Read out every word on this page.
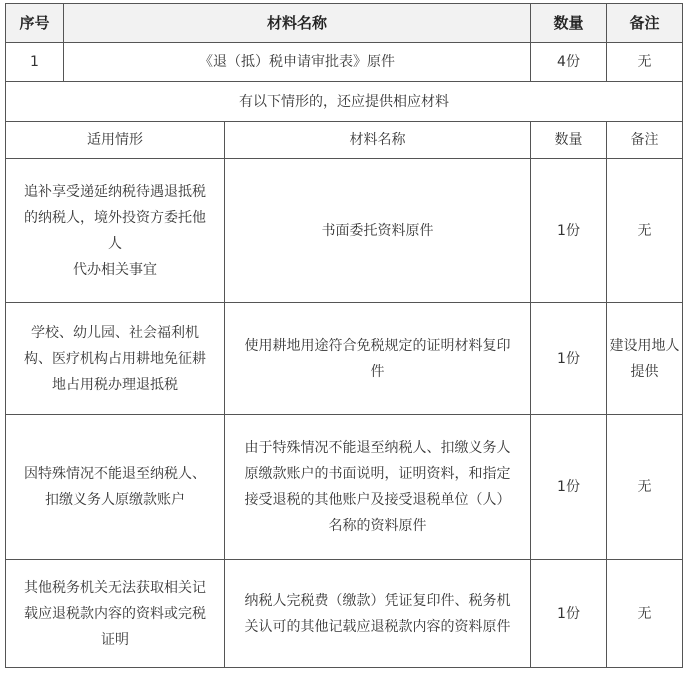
序号	材料名称		数量	备注
1	《退（抵）税申请审批表》原件		4份	无
有以下情形的，还应提供相应材料				
适用情形		材料名称	数量	备注

追补享受递延纳税待遇退抵税
的纳税人，境外投资方委托他
人
代办相关事宜		书面委托资料原件	1份	无

学校、幼儿园、社会福利机
构、医疗机构占用耕地免征耕
地占用税办理退抵税		使用耕地用途符合免税规定的证明材料复印
件	1份	建设用地人
提供

因特殊情况不能退至纳税人、
扣缴义务人原缴款账户		由于特殊情况不能退至纳税人、扣缴义务人
原缴款账户的书面说明，证明资料，和指定
接受退税的其他账户及接受退税单位（人）
名称的资料原件	1份	无

其他税务机关无法获取相关记
载应退税款内容的资料或完税
证明		纳税人完税费（缴款）凭证复印件、税务机
关认可的其他记载应退税款内容的资料原件	1份	无
